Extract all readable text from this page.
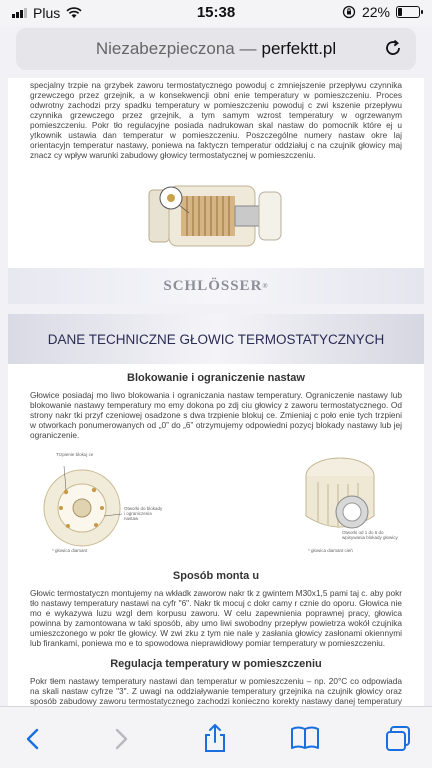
Plus	15:38	22%
Niezabezpieczona — perfektt.pl
specjalny trzpie na grzybek zaworu termostatycznego powoduj c zmniejszenie przepływu czynnika grzewczego przez grzejnik, a w konsekwencji obni enie temperatury w pomieszczeniu. Proces odwrotny zachodzi przy spadku temperatury w pomieszczeniu powoduj c zwi kszenie przepływu czynnika grzewczego przez grzejnik, a tym samym wzrost temperatury w ogrzewanym pomieszczeniu. Pokr tło regulacyjne posiada nadrukowan skal nastaw do pomocnik które ej u ytkownik ustawia dan temperatur w pomieszczeniu. Poszczególne numery nastaw okre laj orientacyjn temperatur nastawy, poniewa na faktyczn temperatur oddziałuj c na czujnik głowicy maj znacz cy wpływ warunki zabudowy głowicy termostatycznej w pomieszczeniu.
SCHLÖSSER ®
DANE TECHNICZNE GŁOWIC TERMOSTATYCZNYCH
Blokowanie i ograniczenie nastaw
Głowice posiadaj mo liwo blokowania i ograniczania nastaw temperatury. Ograniczenie nastawy lub blokowanie nastawy temperatury mo emy dokona po zdj ciu głowicy z zaworu termostatycznego. Od strony nakr tki przyf czeniowej osadzone s dwa trzpienie blokuj ce. Zmieniaj c poło enie tych trzpieni w otworkach ponumerowanych od „0” do „6” otrzymujemy odpowiedni pozycj blokady nastawy lub jej ograniczenie.
Trzpienie blokuj ce
Otworki do blokady i ograniczenia nastaw
* głowica diamant
Otworki od 1 do 6 do wpisywania blokady głowicy
* głowica diamant cień
Sposób monta u
Głowic termostatyczn montujemy na wkładk zaworow nakr tk z gwintem M30x1,5 pami taj c. aby pokr tło nastawy temperatury nastawi na cyfr "6". Nakr tk mocuj c dokr camy r cznie do oporu. Głowica nie mo e wykazywa luzu wzgl dem korpusu zaworu. W celu zapewnienia poprawnej pracy, głowica powinna by zamontowana w taki sposób, aby umo liwi swobodny przepływ powietrza wokół czujnika umieszczonego w pokr tle głowicy. W zwi zku z tym nie nale y zasłania głowicy zasłonami okiennymi lub firankami, poniewa mo e to spowodowa nieprawidłowy pomiar temperatury w pomieszczeniu.
Regulacja temperatury w pomieszczeniu
Pokr tłem nastawy temperatury nastawi dan temperatur w pomieszczeniu – np. 20°C co odpowiada na skali nastaw cyfrze "3". Z uwagi na oddziaływanie temperatury grzejnika na czujnik głowicy oraz sposób zabudowy zaworu termostatycznego zachodzi konieczno korekty nastawy danej temperatury
